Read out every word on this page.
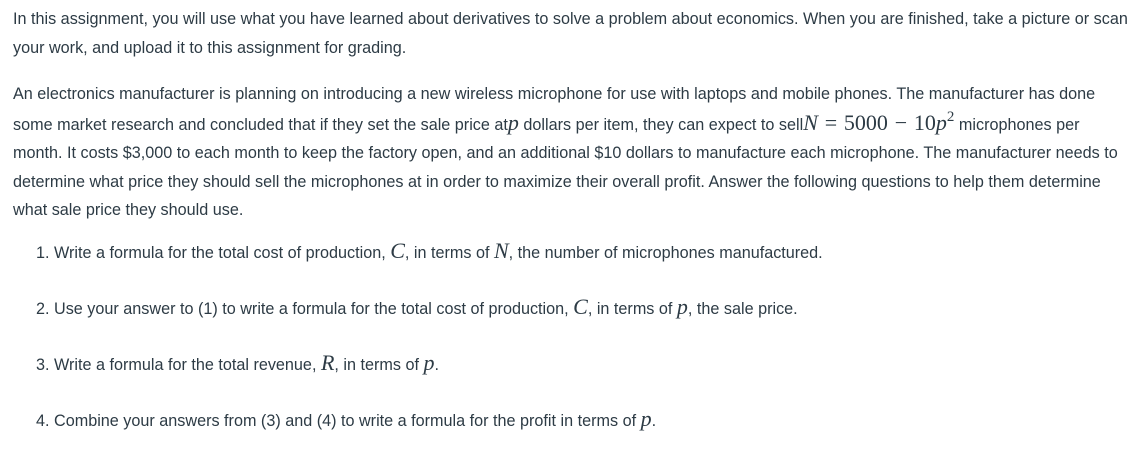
In this assignment, you will use what you have learned about derivatives to solve a problem about economics. When you are finished, take a picture or scan your work, and upload it to this assignment for grading.

An electronics manufacturer is planning on introducing a new wireless microphone for use with laptops and mobile phones. The manufacturer has done some market research and concluded that if they set the sale price atp dollars per item, they can expect to sellN = 5000 − 10p2 microphones per month. It costs $3,000 to each month to keep the factory open, and an additional $10 dollars to manufacture each microphone. The manufacturer needs to determine what price they should sell the microphones at in order to maximize their overall profit. Answer the following questions to help them determine what sale price they should use.

1. Write a formula for the total cost of production, C, in terms of N, the number of microphones manufactured.
2. Use your answer to (1) to write a formula for the total cost of production, C, in terms of p, the sale price.
3. Write a formula for the total revenue, R, in terms of p.
4. Combine your answers from (3) and (4) to write a formula for the profit in terms of p.
